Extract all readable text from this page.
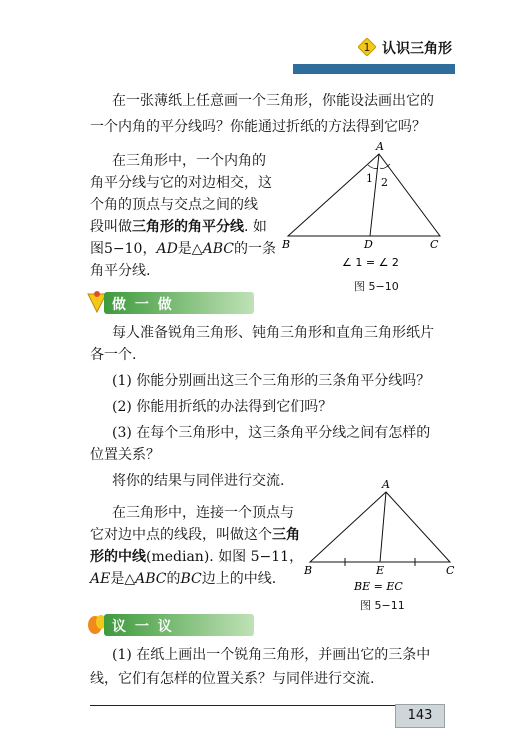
1 认识三角形
在一张薄纸上任意画一个三角形，你能设法画出它的
一个内角的平分线吗？你能通过折纸的方法得到它吗？
在三角形中，一个内角的
角平分线与它的对边相交，这
个角的顶点与交点之间的线
段叫做三角形的角平分线. 如
图5−10，AD是△ABC的一条
角平分线.
A
B	C
D
1 2
∠ 1 = ∠ 2
图 5−10
做 一 做
每人准备锐角三角形、钝角三角形和直角三角形纸片
各一个.
(1) 你能分别画出这三个三角形的三条角平分线吗？
(2) 你能用折纸的办法得到它们吗？
(3) 在每个三角形中，这三条角平分线之间有怎样的
位置关系？
将你的结果与同伴进行交流.
在三角形中，连接一个顶点与
它对边中点的线段，叫做这个三角
形的中线(median). 如图 5−11，
AE是△ABC的BC边上的中线.
A
B	C
E
BE = EC
图 5−11
议 一 议
(1) 在纸上画出一个锐角三角形，并画出它的三条中
线，它们有怎样的位置关系？与同伴进行交流.
143
